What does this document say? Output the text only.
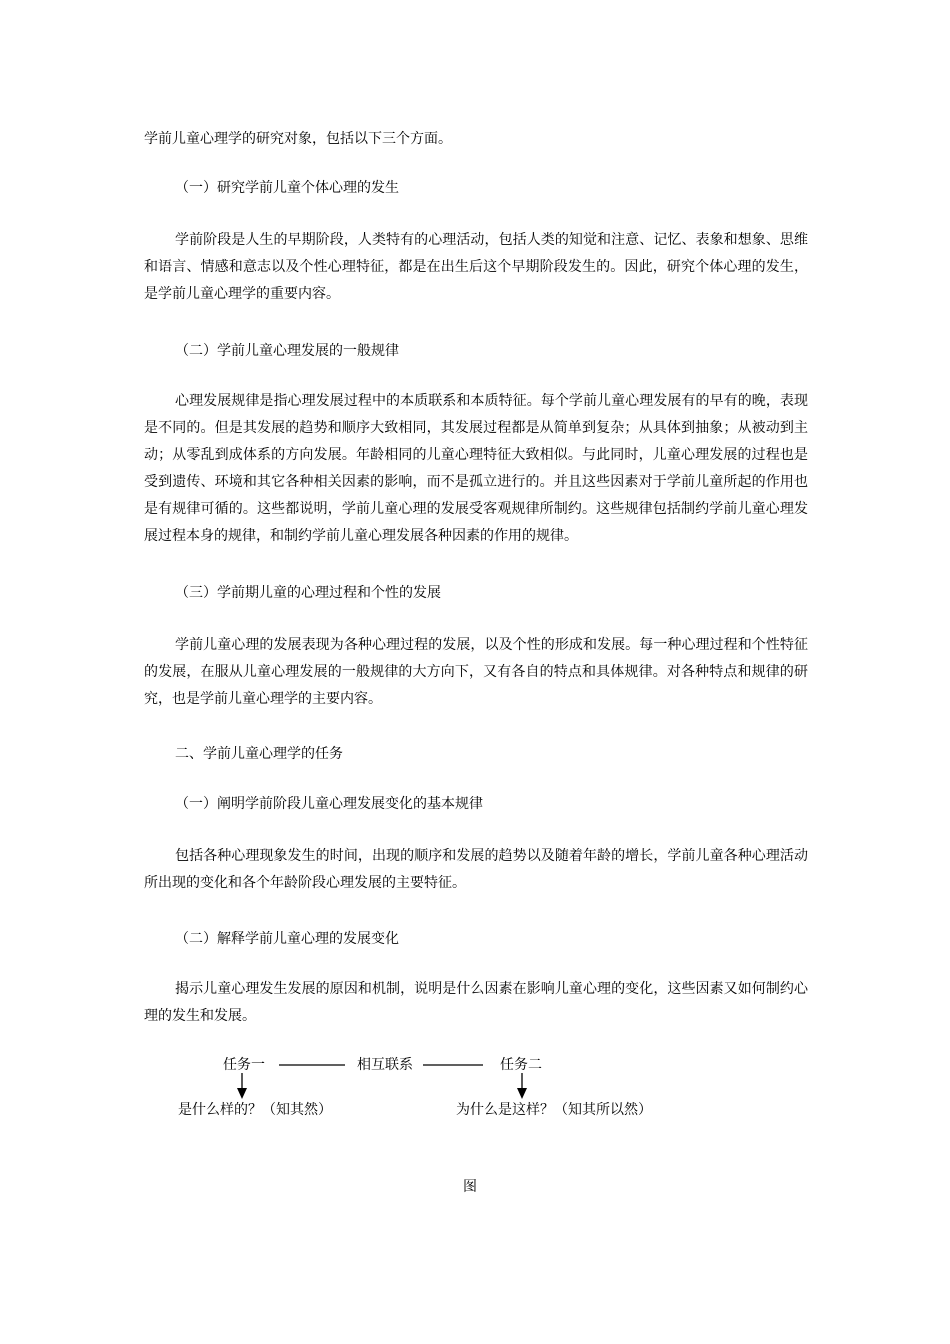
学前儿童心理学的研究对象，包括以下三个方面。

（一）研究学前儿童个体心理的发生

学前阶段是人生的早期阶段，人类特有的心理活动，包括人类的知觉和注意、记忆、表象和想象、思维和语言、情感和意志以及个性心理特征，都是在出生后这个早期阶段发生的。因此，研究个体心理的发生，是学前儿童心理学的重要内容。

（二）学前儿童心理发展的一般规律

心理发展规律是指心理发展过程中的本质联系和本质特征。每个学前儿童心理发展有的早有的晚，表现是不同的。但是其发展的趋势和顺序大致相同，其发展过程都是从简单到复杂；从具体到抽象；从被动到主动；从零乱到成体系的方向发展。年龄相同的儿童心理特征大致相似。与此同时，儿童心理发展的过程也是受到遗传、环境和其它各种相关因素的影响，而不是孤立进行的。并且这些因素对于学前儿童所起的作用也是有规律可循的。这些都说明，学前儿童心理的发展受客观规律所制约。这些规律包括制约学前儿童心理发展过程本身的规律，和制约学前儿童心理发展各种因素的作用的规律。

（三）学前期儿童的心理过程和个性的发展

学前儿童心理的发展表现为各种心理过程的发展，以及个性的形成和发展。每一种心理过程和个性特征的发展，在服从儿童心理发展的一般规律的大方向下，又有各自的特点和具体规律。对各种特点和规律的研究，也是学前儿童心理学的主要内容。

二、学前儿童心理学的任务

（一）阐明学前阶段儿童心理发展变化的基本规律

包括各种心理现象发生的时间，出现的顺序和发展的趋势以及随着年龄的增长，学前儿童各种心理活动所出现的变化和各个年龄阶段心理发展的主要特征。

（二）解释学前儿童心理的发展变化

揭示儿童心理发生发展的原因和机制，说明是什么因素在影响儿童心理的变化，这些因素又如何制约心理的发生和发展。

任务一	相互联系	任务二
是什么样的？（知其然）	为什么是这样？（知其所以然）
图
